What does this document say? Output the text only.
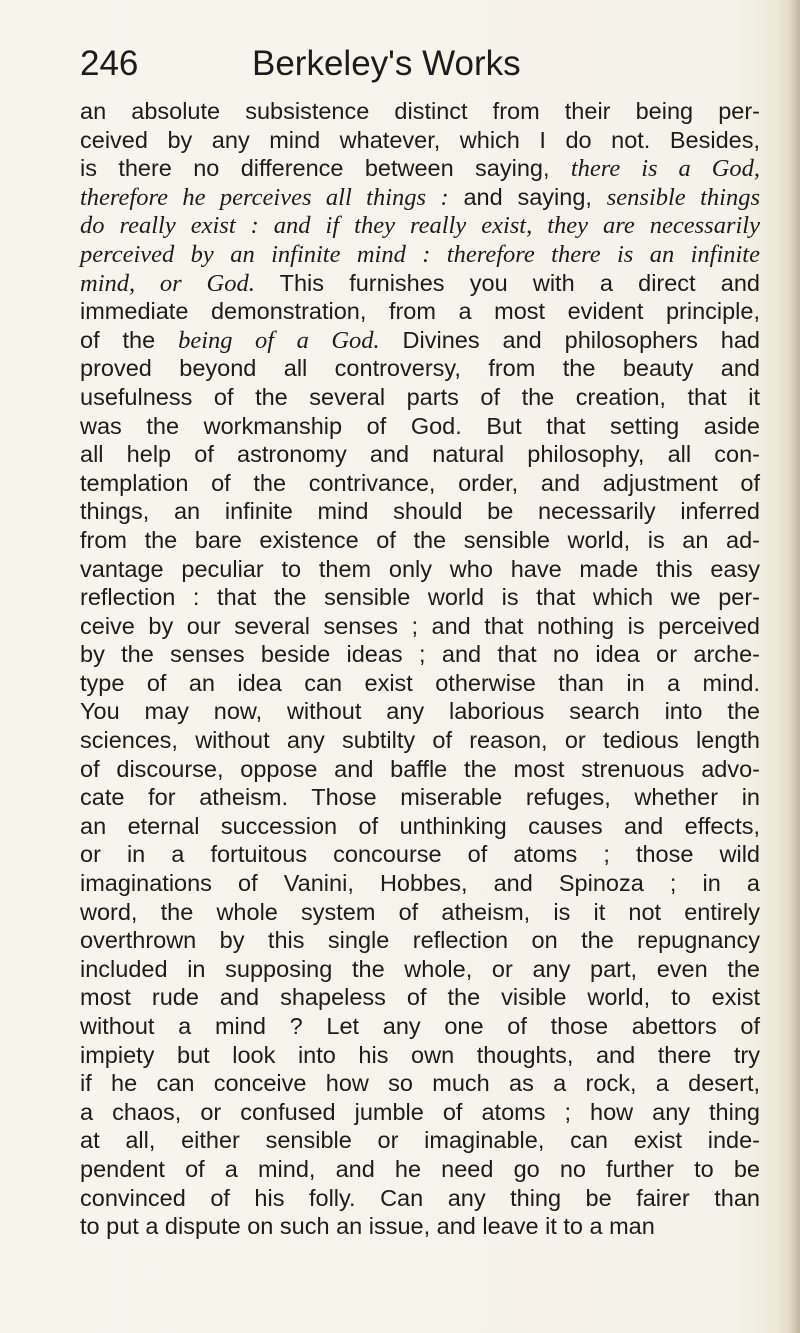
246	Berkeley's Works
an absolute subsistence distinct from their being per-
ceived by any mind whatever, which I do not. Besides,
is there no difference between saying, there is a God,
therefore he perceives all things : and saying, sensible things
do really exist : and if they really exist, they are necessarily
perceived by an infinite mind : therefore there is an infinite
mind, or God. This furnishes you with a direct and
immediate demonstration, from a most evident principle,
of the being of a God. Divines and philosophers had
proved beyond all controversy, from the beauty and
usefulness of the several parts of the creation, that it
was the workmanship of God. But that setting aside
all help of astronomy and natural philosophy, all con-
templation of the contrivance, order, and adjustment of
things, an infinite mind should be necessarily inferred
from the bare existence of the sensible world, is an ad-
vantage peculiar to them only who have made this easy
reflection : that the sensible world is that which we per-
ceive by our several senses ; and that nothing is perceived
by the senses beside ideas ; and that no idea or arche-
type of an idea can exist otherwise than in a mind.
You may now, without any laborious search into the
sciences, without any subtilty of reason, or tedious length
of discourse, oppose and baffle the most strenuous advo-
cate for atheism. Those miserable refuges, whether in
an eternal succession of unthinking causes and effects,
or in a fortuitous concourse of atoms ; those wild
imaginations of Vanini, Hobbes, and Spinoza ; in a
word, the whole system of atheism, is it not entirely
overthrown by this single reflection on the repugnancy
included in supposing the whole, or any part, even the
most rude and shapeless of the visible world, to exist
without a mind ? Let any one of those abettors of
impiety but look into his own thoughts, and there try
if he can conceive how so much as a rock, a desert,
a chaos, or confused jumble of atoms ; how any thing
at all, either sensible or imaginable, can exist inde-
pendent of a mind, and he need go no further to be
convinced of his folly. Can any thing be fairer than
to put a dispute on such an issue, and leave it to a man
